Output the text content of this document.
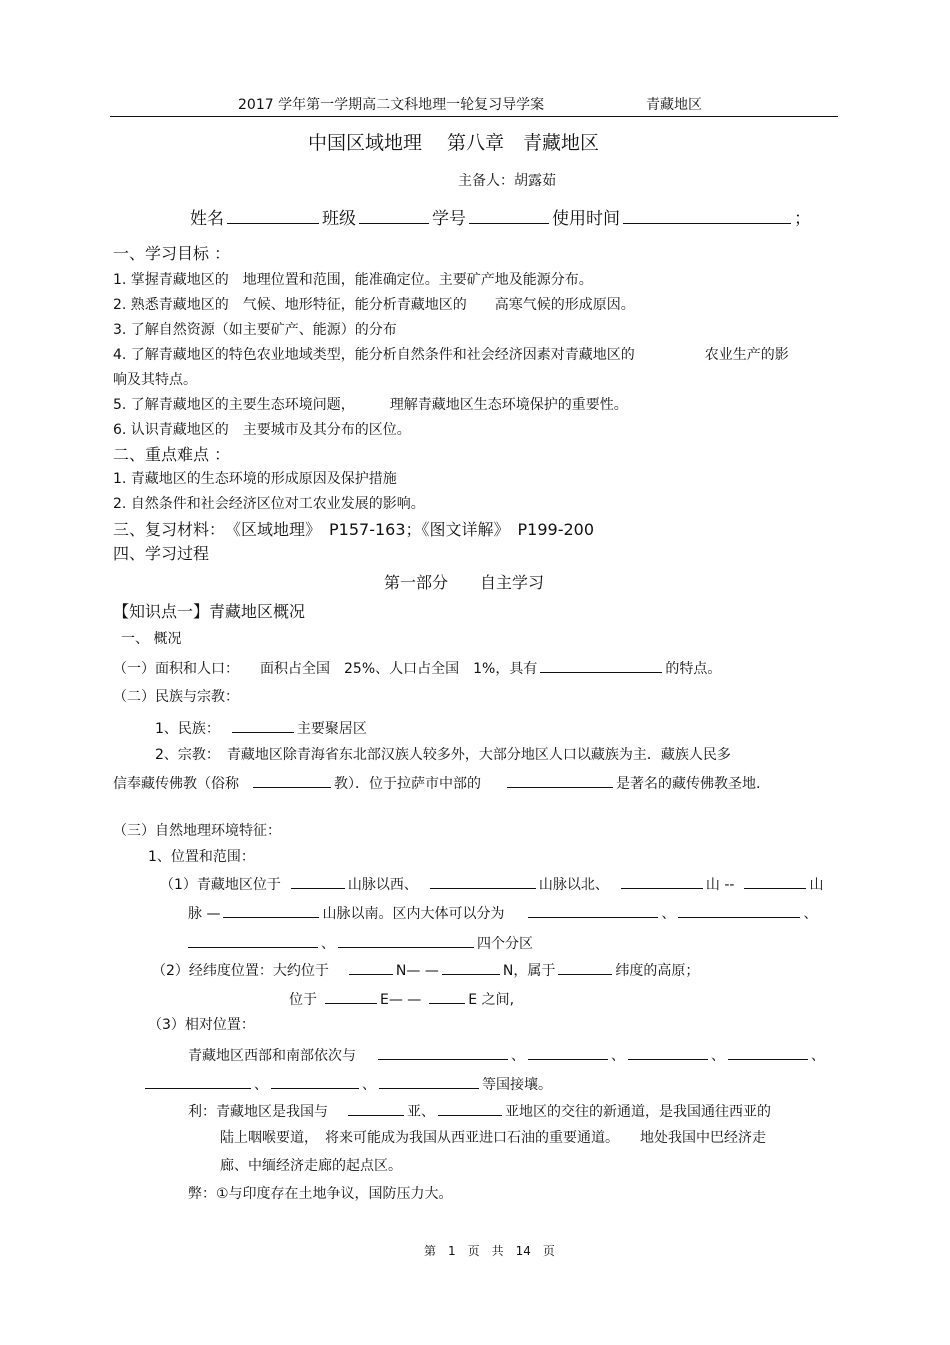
2017 学年第一学期高二文科地理一轮复习导学案	青藏地区
中国区域地理　 第八章　青藏地区
主备人：胡露茹
姓名	班级	学号	使用时间	；
一、学习目标 ：
1. 掌握青藏地区的　地理位置和范围，能准确定位。主要矿产地及能源分布。
2. 熟悉青藏地区的　气候、地形特征，能分析青藏地区的　　高寒气候的形成原因。
3. 了解自然资源（如主要矿产、能源）的分布
4. 了解青藏地区的特色农业地域类型，能分析自然条件和社会经济因素对青藏地区的　　　　　农业生产的影
响及其特点。
5. 了解青藏地区的主要生态环境问题，　　　理解青藏地区生态环境保护的重要性。
6. 认识青藏地区的　主要城市及其分布的区位。
二、重点难点 ：
1. 青藏地区的生态环境的形成原因及保护措施
2. 自然条件和社会经济区位对工农业发展的影响。
三、复习材料：　《区域地理》　P157-163；《图文详解》　P199-200
四、学习过程
第一部分　　自主学习
【知识点一】青藏地区概况
一、 概况
（一）面积和人口：　　面积占全国　25%、人口占全国　1%，具有	的特点。
（二）民族与宗教：
1、民族：	主要聚居区
2、宗教：　青藏地区除青海省东北部汉族人较多外，大部分地区人口以藏族为主．藏族人民多
信奉藏传佛教（俗称	教）．位于拉萨市中部的	是著名的藏传佛教圣地.
（三）自然地理环境特征：
1、位置和范围：
（1）青藏地区位于	山脉以西、	山脉以北、	山 --	山
脉 —	山脉以南。区内大体可以分为	、	、
、	四个分区
（2）经纬度位置：大约位于	N— —	N，属于	纬度的高原；
位于	E— —	E 之间,
（3）相对位置：
青藏地区西部和南部依次与	、	、	、	、
、	、	等国接壤。
利：青藏地区是我国与	亚、	亚地区的交往的新通道，是我国通往西亚的
陆上咽喉要道，　将来可能成为我国从西亚进口石油的重要通道。　　地处我国中巴经济走
廊、中缅经济走廊的起点区。
弊：①与印度存在土地争议，国防压力大。
第　1　页　共　14　页
